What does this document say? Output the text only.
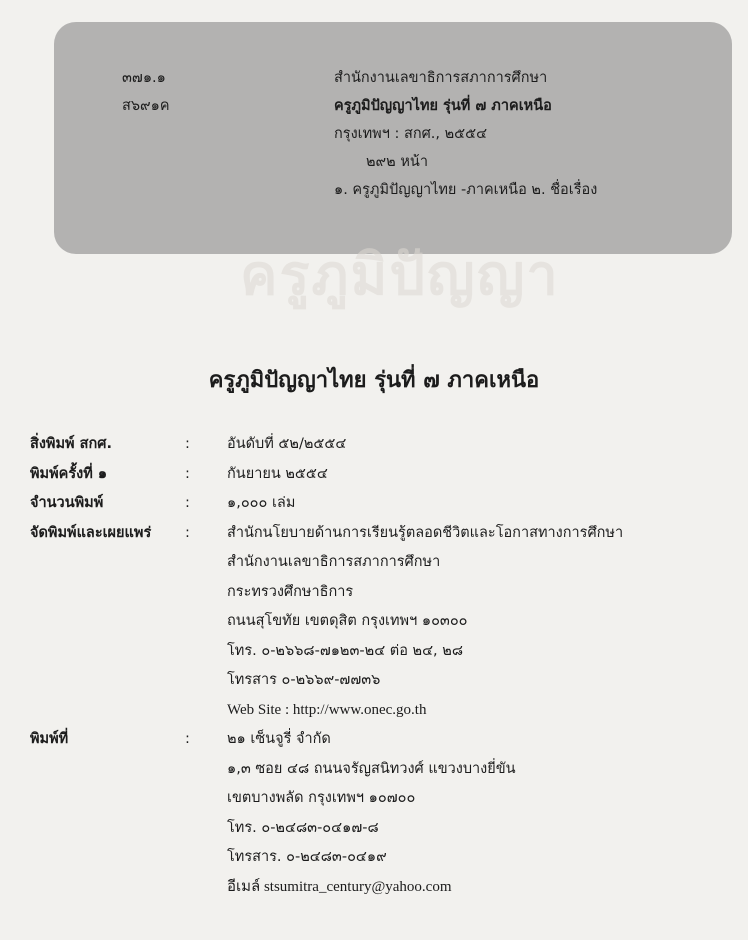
๓๗๑.๑
ส๖๙๑ค
สำนักงานเลขาธิการสภาการศึกษา
ครูภูมิปัญญาไทย รุ่นที่ ๗ ภาคเหนือ
กรุงเทพฯ : สกศ., ๒๕๕๔
๒๙๒ หน้า
๑. ครูภูมิปัญญาไทย -ภาคเหนือ ๒. ชื่อเรื่อง
ครูภูมิปัญญา
ครูภูมิปัญญาไทย รุ่นที่ ๗ ภาคเหนือ
สิ่งพิมพ์ สกศ.	:	อันดับที่ ๕๒/๒๕๕๔
พิมพ์ครั้งที่ ๑	:	กันยายน ๒๕๕๔
จำนวนพิมพ์	:	๑,๐๐๐ เล่ม
จัดพิมพ์และเผยแพร่	:	สำนักนโยบายด้านการเรียนรู้ตลอดชีวิตและโอกาสทางการศึกษา
สำนักงานเลขาธิการสภาการศึกษา
กระทรวงศึกษาธิการ
ถนนสุโขทัย เขตดุสิต กรุงเทพฯ ๑๐๓๐๐
โทร. ๐-๒๖๖๘-๗๑๒๓-๒๔ ต่อ ๒๔, ๒๘
โทรสาร ๐-๒๖๖๙-๗๗๓๖
Web Site : http://www.onec.go.th
พิมพ์ที่	:	๒๑ เซ็นจูรี่ จำกัด
๑,๓ ซอย ๔๘ ถนนจรัญสนิทวงศ์ แขวงบางยี่ขัน
เขตบางพลัด กรุงเทพฯ ๑๐๗๐๐
โทร. ๐-๒๔๘๓-๐๔๑๗-๘
โทรสาร. ๐-๒๔๘๓-๐๔๑๙
อีเมล์ stsumitra_century@yahoo.com
